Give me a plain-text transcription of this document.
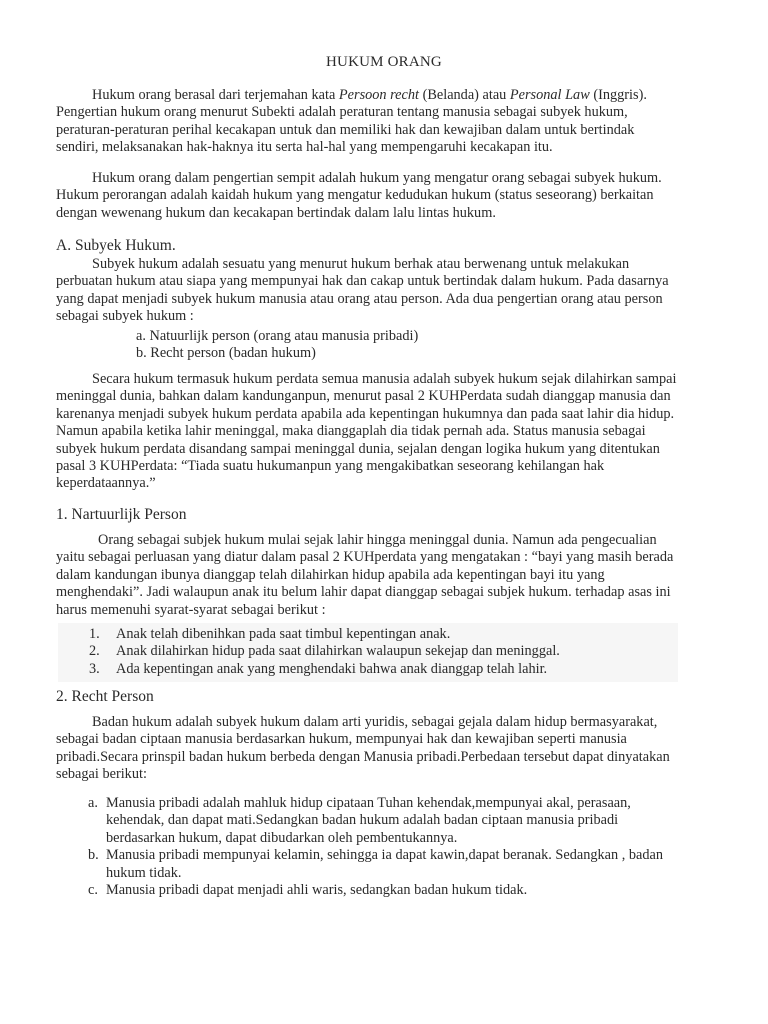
HUKUM ORANG
Hukum orang berasal dari terjemahan kata Persoon recht (Belanda) atau Personal Law (Inggris). Pengertian hukum orang menurut Subekti adalah peraturan tentang manusia sebagai subyek hukum, peraturan-peraturan perihal kecakapan untuk dan memiliki hak dan kewajiban dalam untuk bertindak sendiri, melaksanakan hak-haknya itu serta hal-hal yang mempengaruhi kecakapan itu.
Hukum orang dalam pengertian sempit adalah hukum yang mengatur orang sebagai subyek hukum. Hukum perorangan adalah kaidah hukum yang mengatur kedudukan hukum (status seseorang) berkaitan dengan wewenang hukum dan kecakapan bertindak dalam lalu lintas hukum.
A. Subyek Hukum.
Subyek hukum adalah sesuatu yang menurut hukum berhak atau berwenang untuk melakukan perbuatan hukum atau siapa yang mempunyai hak dan cakap untuk bertindak dalam hukum. Pada dasarnya yang dapat menjadi subyek hukum manusia atau orang atau person. Ada dua pengertian orang atau person sebagai subyek hukum :
a. Natuurlijk person (orang atau manusia pribadi)
b. Recht person (badan hukum)
Secara hukum termasuk hukum perdata semua manusia adalah subyek hukum sejak dilahirkan sampai meninggal dunia, bahkan dalam kandunganpun, menurut pasal 2 KUHPerdata sudah dianggap manusia dan karenanya menjadi subyek hukum perdata apabila ada kepentingan hukumnya dan pada saat lahir dia hidup. Namun apabila ketika lahir meninggal, maka dianggaplah dia tidak pernah ada. Status manusia sebagai subyek hukum perdata disandang sampai meninggal dunia, sejalan dengan logika hukum yang ditentukan pasal 3 KUHPerdata: “Tiada suatu hukumanpun yang mengakibatkan seseorang kehilangan hak keperdataannya.”
1. Nartuurlijk Person
Orang sebagai subjek hukum mulai sejak lahir hingga meninggal dunia. Namun ada pengecualian yaitu sebagai perluasan yang diatur dalam pasal 2 KUHperdata yang mengatakan : “bayi yang masih berada dalam kandungan ibunya dianggap telah dilahirkan hidup apabila ada kepentingan bayi itu yang menghendaki”. Jadi walaupun anak itu belum lahir dapat dianggap sebagai subjek hukum. terhadap asas ini harus memenuhi syarat-syarat sebagai berikut :
1.	Anak telah dibenihkan pada saat timbul kepentingan anak.
2.	Anak dilahirkan hidup pada saat dilahirkan walaupun sekejap dan meninggal.
3.	Ada kepentingan anak yang menghendaki bahwa anak dianggap telah lahir.
2. Recht Person
Badan hukum adalah subyek hukum dalam arti yuridis, sebagai gejala dalam hidup bermasyarakat, sebagai badan ciptaan manusia berdasarkan hukum, mempunyai hak dan kewajiban seperti manusia pribadi.Secara prinspil badan hukum berbeda dengan Manusia pribadi.Perbedaan tersebut dapat dinyatakan sebagai berikut:
a. Manusia pribadi adalah mahluk hidup cipataan Tuhan kehendak,mempunyai akal, perasaan, kehendak, dan dapat mati.Sedangkan badan hukum adalah badan ciptaan manusia pribadi berdasarkan hukum, dapat dibudarkan oleh pembentukannya.
b. Manusia pribadi mempunyai kelamin, sehingga ia dapat kawin,dapat beranak. Sedangkan , badan hukum tidak.
c. Manusia pribadi dapat menjadi ahli waris, sedangkan badan hukum tidak.
